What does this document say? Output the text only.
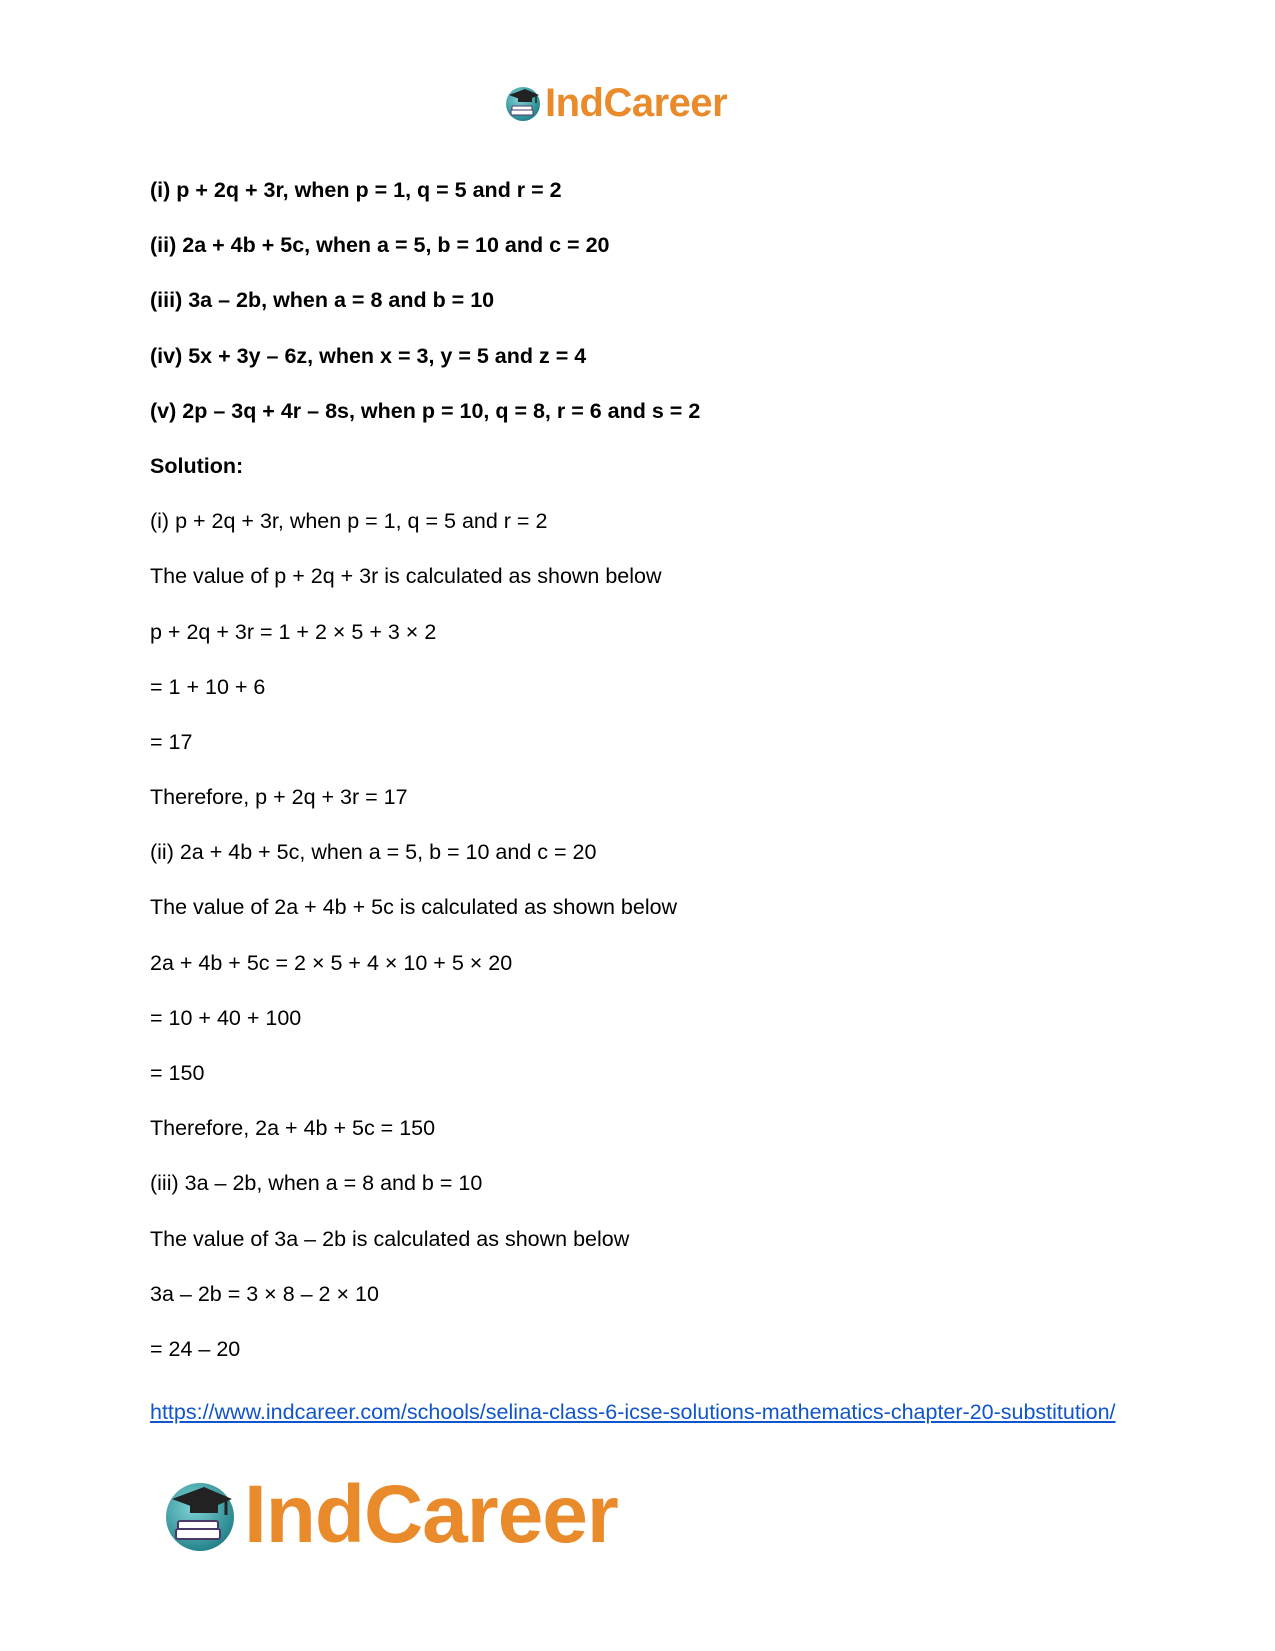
IndCareer
(i) p + 2q + 3r, when p = 1, q = 5 and r = 2
(ii) 2a + 4b + 5c, when a = 5, b = 10 and c = 20
(iii) 3a – 2b, when a = 8 and b = 10
(iv) 5x + 3y – 6z, when x = 3, y = 5 and z = 4
(v) 2p – 3q + 4r – 8s, when p = 10, q = 8, r = 6 and s = 2
Solution:
(i) p + 2q + 3r, when p = 1, q = 5 and r = 2
The value of p + 2q + 3r is calculated as shown below
p + 2q + 3r = 1 + 2 × 5 + 3 × 2
= 1 + 10 + 6
= 17
Therefore, p + 2q + 3r = 17
(ii) 2a + 4b + 5c, when a = 5, b = 10 and c = 20
The value of 2a + 4b + 5c is calculated as shown below
2a + 4b + 5c = 2 × 5 + 4 × 10 + 5 × 20
= 10 + 40 + 100
= 150
Therefore, 2a + 4b + 5c = 150
(iii) 3a – 2b, when a = 8 and b = 10
The value of 3a – 2b is calculated as shown below
3a – 2b = 3 × 8 – 2 × 10
= 24 – 20
https://www.indcareer.com/schools/selina-class-6-icse-solutions-mathematics-chapter-20-substitution/
IndCareer
